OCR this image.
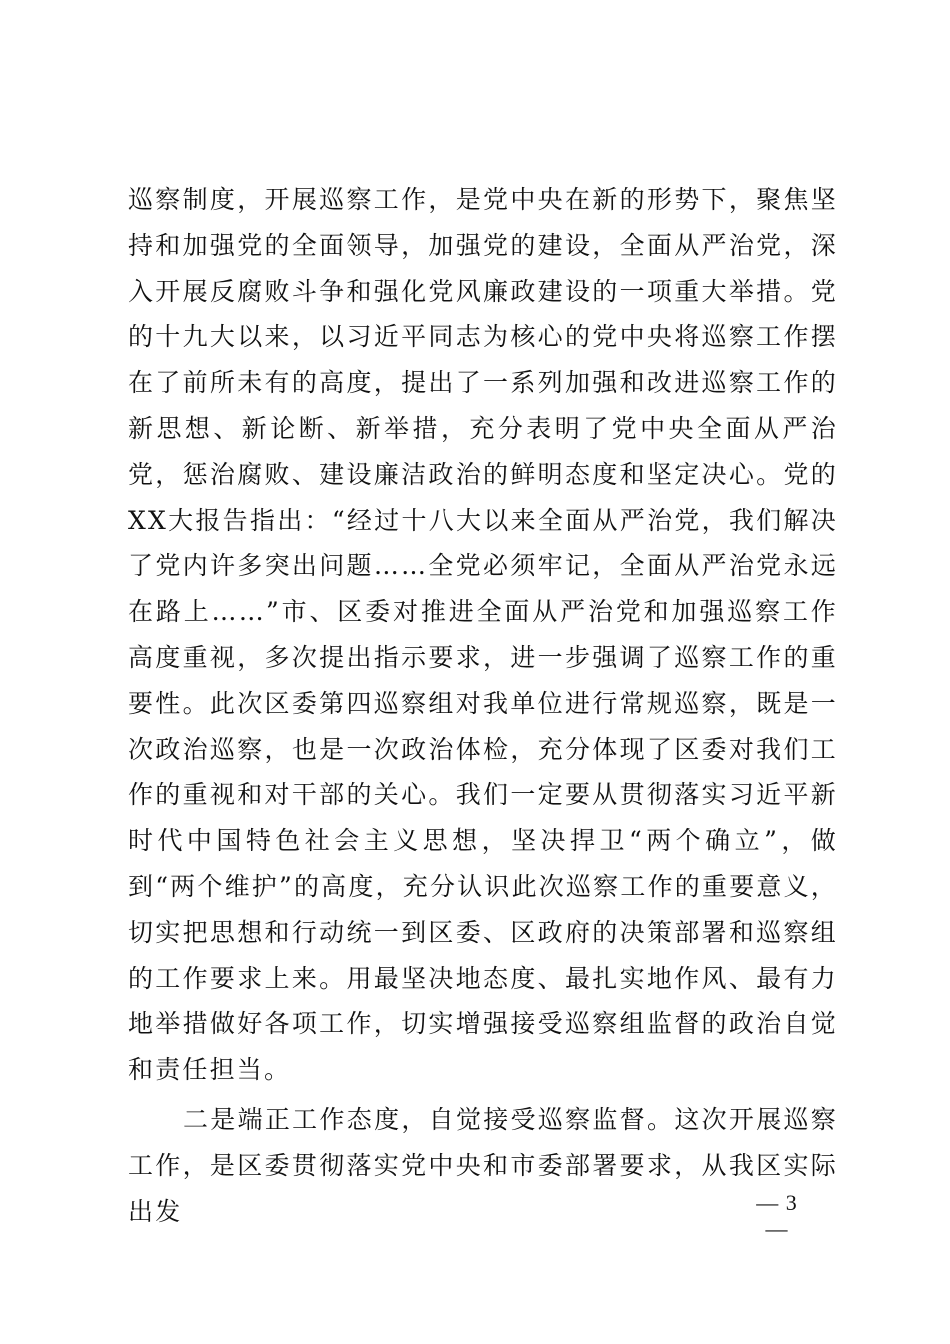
巡察制度，开展巡察工作，是党中央在新的形势下，聚焦坚持和加强党的全面领导，加强党的建设，全面从严治党，深入开展反腐败斗争和强化党风廉政建设的一项重大举措。党的十九大以来，以习近平同志为核心的党中央将巡察工作摆在了前所未有的高度，提出了一系列加强和改进巡察工作的新思想、新论断、新举措，充分表明了党中央全面从严治党，惩治腐败、建设廉洁政治的鲜明态度和坚定决心。党的XX大报告指出：“经过十八大以来全面从严治党，我们解决了党内许多突出问题……全党必须牢记，全面从严治党永远在路上……”市、区委对推进全面从严治党和加强巡察工作高度重视，多次提出指示要求，进一步强调了巡察工作的重要性。此次区委第四巡察组对我单位进行常规巡察，既是一次政治巡察，也是一次政治体检，充分体现了区委对我们工作的重视和对干部的关心。我们一定要从贯彻落实习近平新时代中国特色社会主义思想，坚决捍卫“两个确立”，做到“两个维护”的高度，充分认识此次巡察工作的重要意义，切实把思想和行动统一到区委、区政府的决策部署和巡察组的工作要求上来。用最坚决地态度、最扎实地作风、最有力地举措做好各项工作，切实增强接受巡察组监督的政治自觉和责任担当。

二是端正工作态度，自觉接受巡察监督。这次开展巡察工作，是区委贯彻落实党中央和市委部署要求，从我区实际出发	— 3 —
